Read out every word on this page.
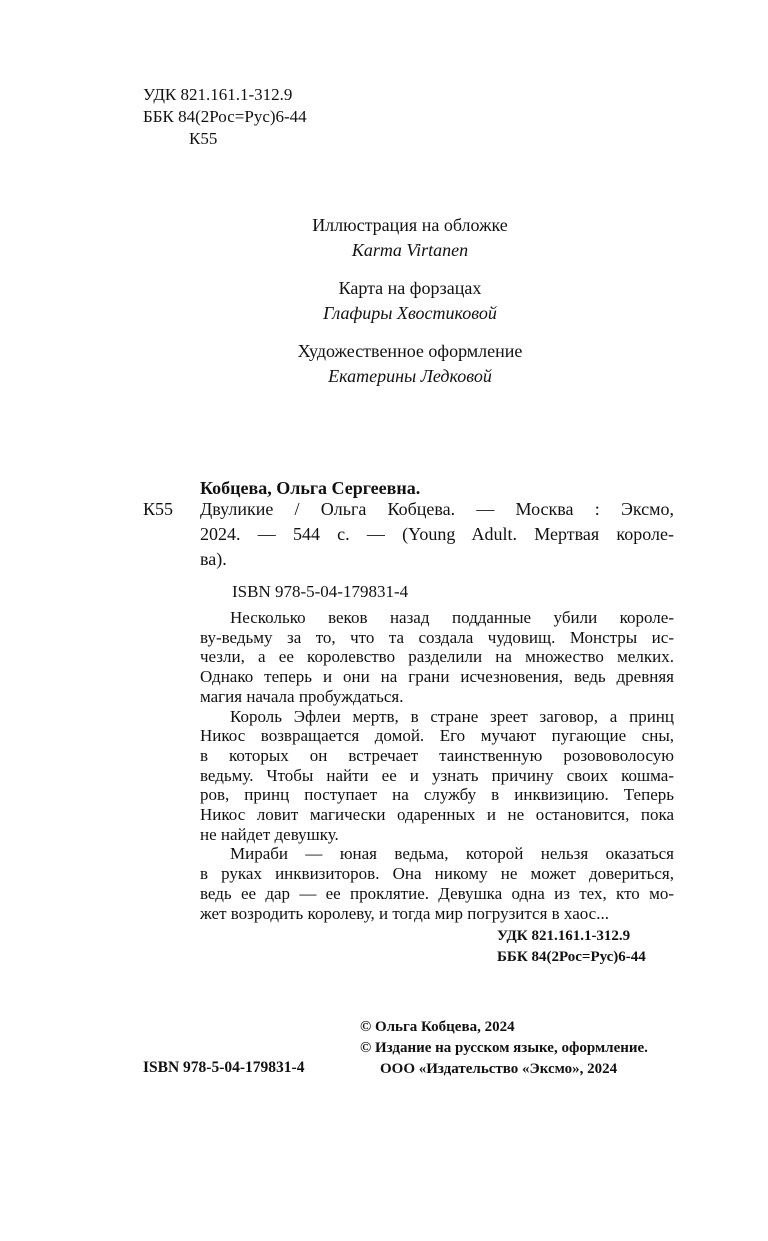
УДК 821.161.1-312.9
ББК 84(2Рос=Рус)6-44
К55
Иллюстрация на обложке
Karma Virtanen
Карта на форзацах
Глафиры Хвостиковой
Художественное оформление
Екатерины Ледковой
Кобцева, Ольга Сергеевна.
К55 Двуликие / Ольга Кобцева. — Москва : Эксмо,
2024. — 544 с. — (Young Adult. Мертвая короле-
ва).
ISBN 978-5-04-179831-4
Несколько веков назад подданные убили короле-
ву-ведьму за то, что та создала чудовищ. Монстры ис-
чезли, а ее королевство разделили на множество мелких.
Однако теперь и они на грани исчезновения, ведь древняя
магия начала пробуждаться.
Король Эфлеи мертв, в стране зреет заговор, а принц
Никос возвращается домой. Его мучают пугающие сны,
в которых он встречает таинственную розововолосую
ведьму. Чтобы найти ее и узнать причину своих кошма-
ров, принц поступает на службу в инквизицию. Теперь
Никос ловит магически одаренных и не остановится, пока
не найдет девушку.
Мираби — юная ведьма, которой нельзя оказаться
в руках инквизиторов. Она никому не может довериться,
ведь ее дар — ее проклятие. Девушка одна из тех, кто мо-
жет возродить королеву, и тогда мир погрузится в хаос...
УДК 821.161.1-312.9
ББК 84(2Рос=Рус)6-44
© Ольга Кобцева, 2024
© Издание на русском языке, оформление.
ООО «Издательство «Эксмо», 2024
ISBN 978-5-04-179831-4
